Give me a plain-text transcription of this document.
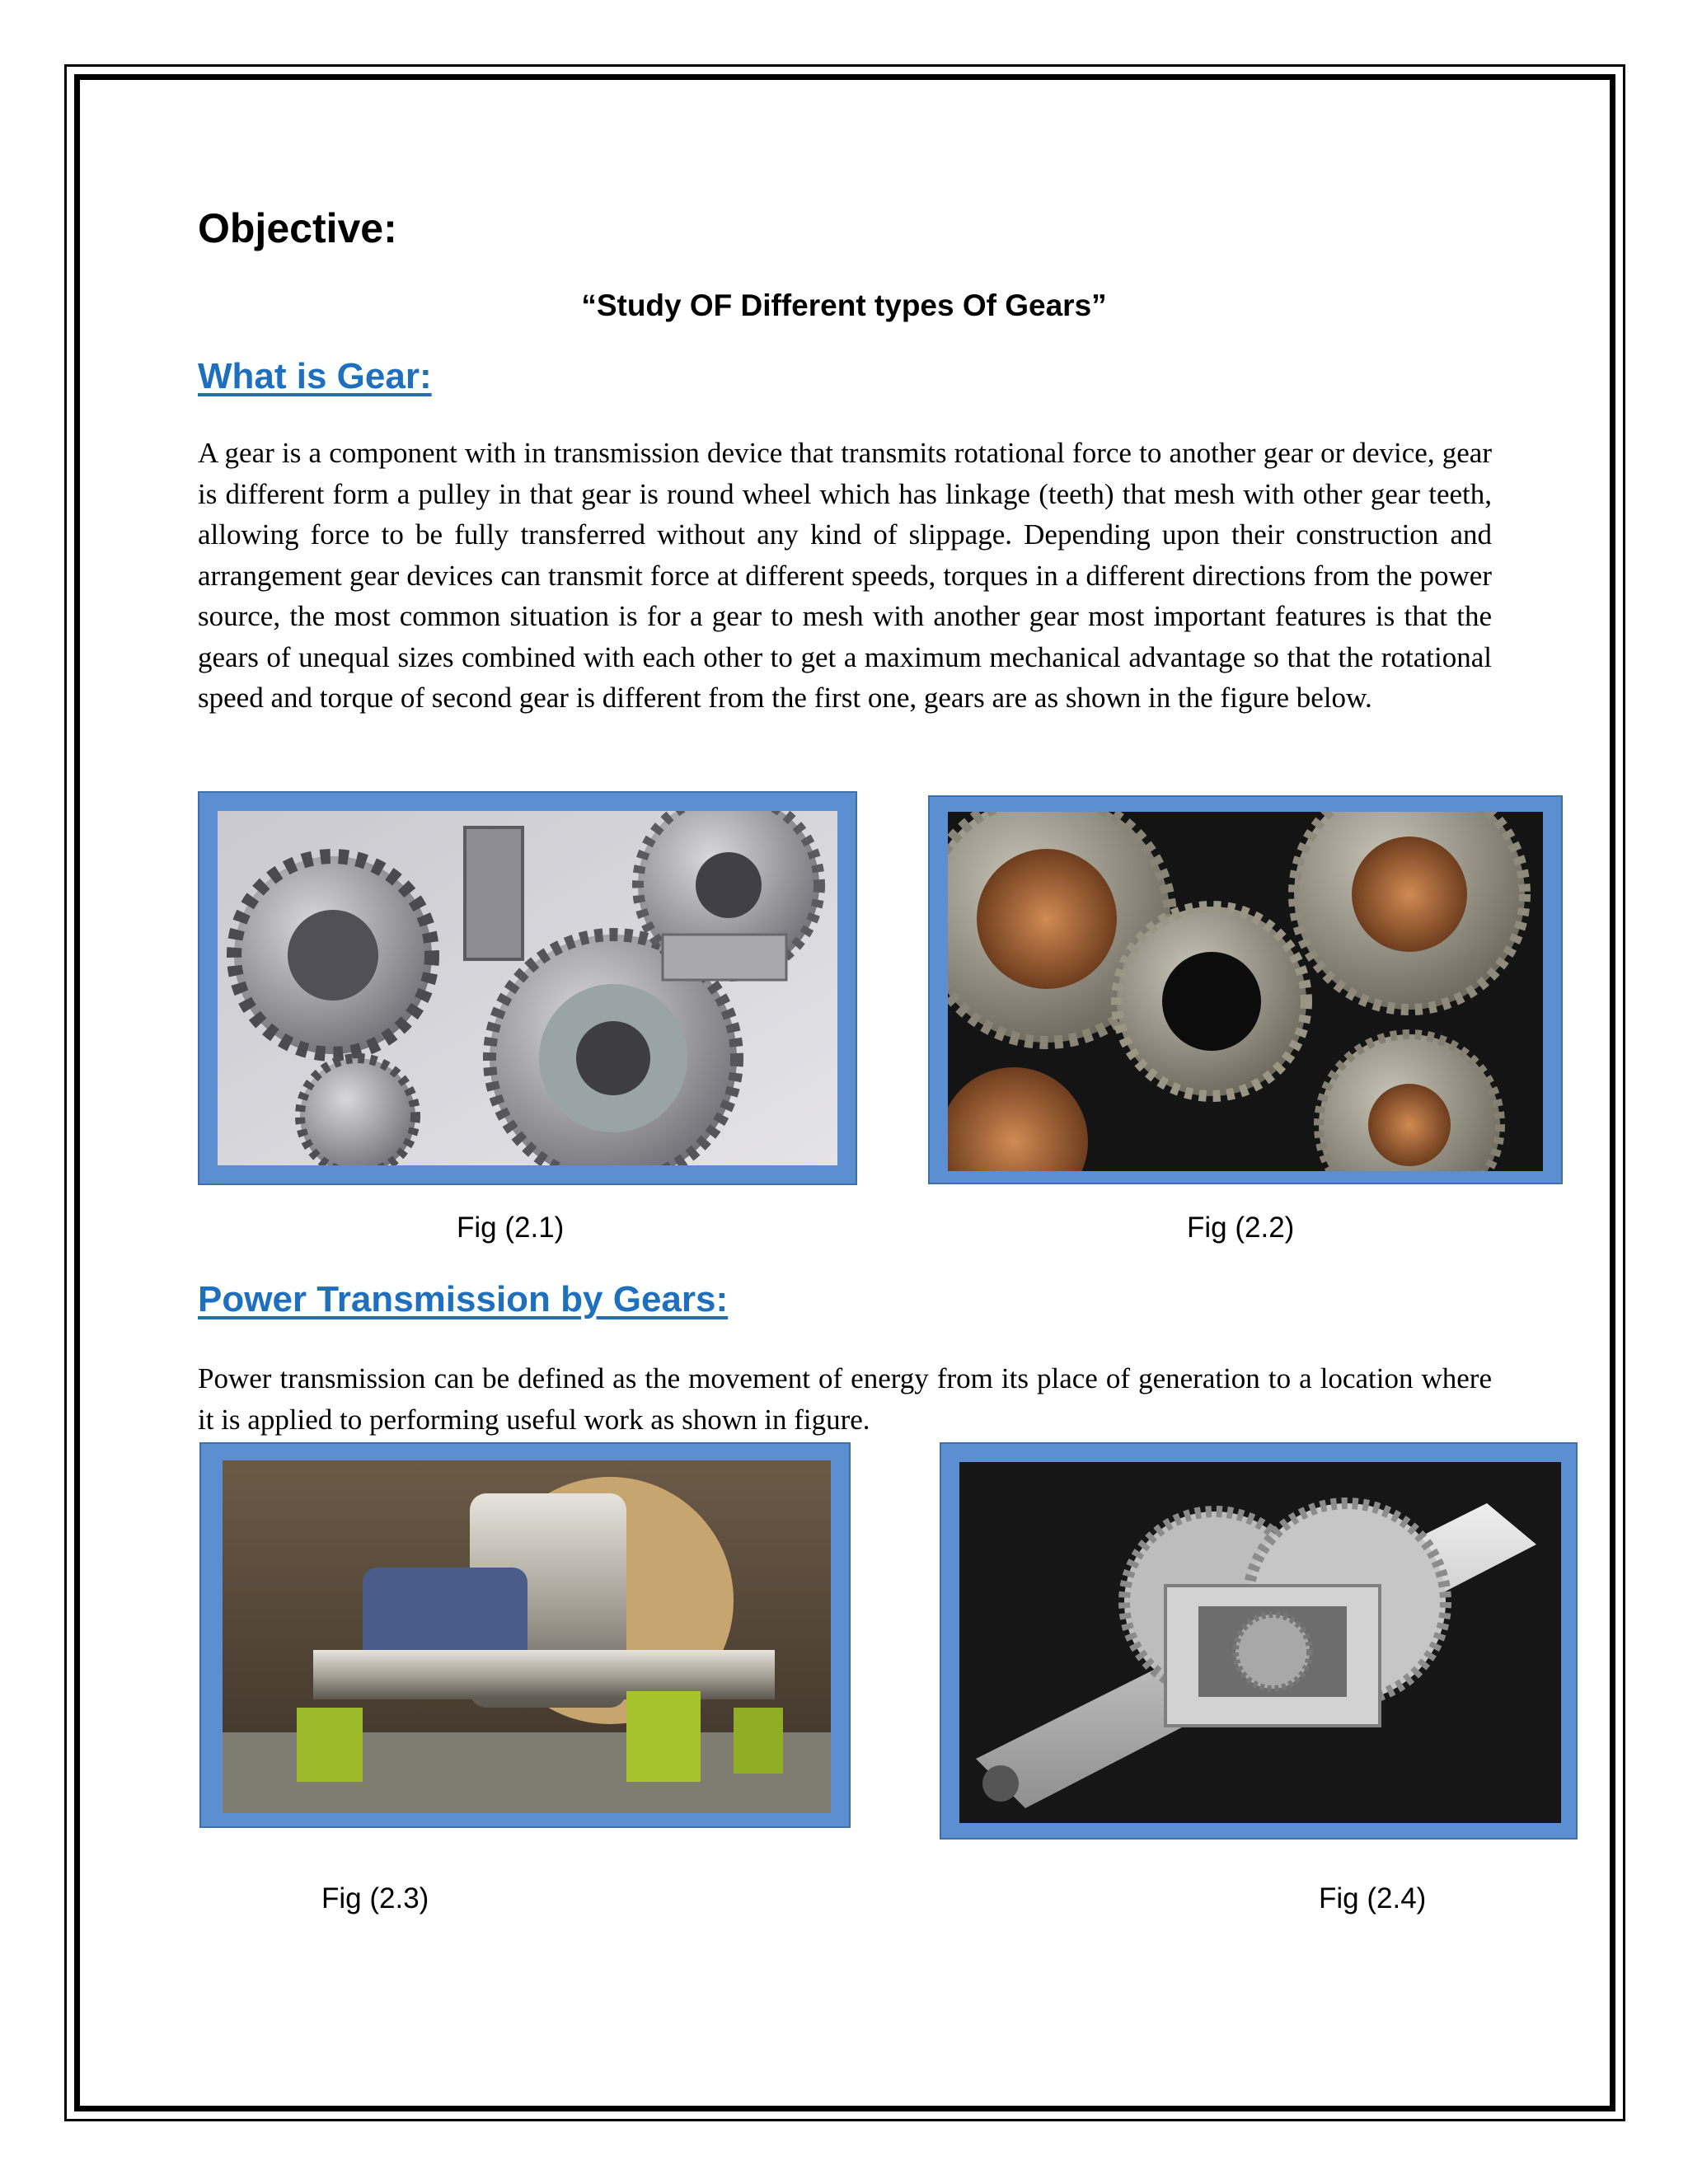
Objective:

“Study OF Different types Of Gears”

What is Gear:

A gear is a component with in transmission device that transmits rotational force to another gear or device, gear is different form a pulley in that gear is round wheel which has linkage (teeth) that mesh with other gear teeth, allowing force to be fully transferred without any kind of slippage. Depending upon their construction and arrangement gear devices can transmit force at different speeds, torques in a different directions from the power source, the most common situation is for a gear to mesh with another gear most important features is that the gears of unequal sizes combined with each other to get a maximum mechanical advantage so that the rotational speed and torque of second gear is different from the first one, gears are as shown in the figure below.

Fig (2.1)	Fig (2.2)

Power Transmission by Gears:

Power transmission can be defined as the movement of energy from its place of generation to a location where it is applied to performing useful work as shown in figure.

Fig (2.3)	Fig (2.4)
